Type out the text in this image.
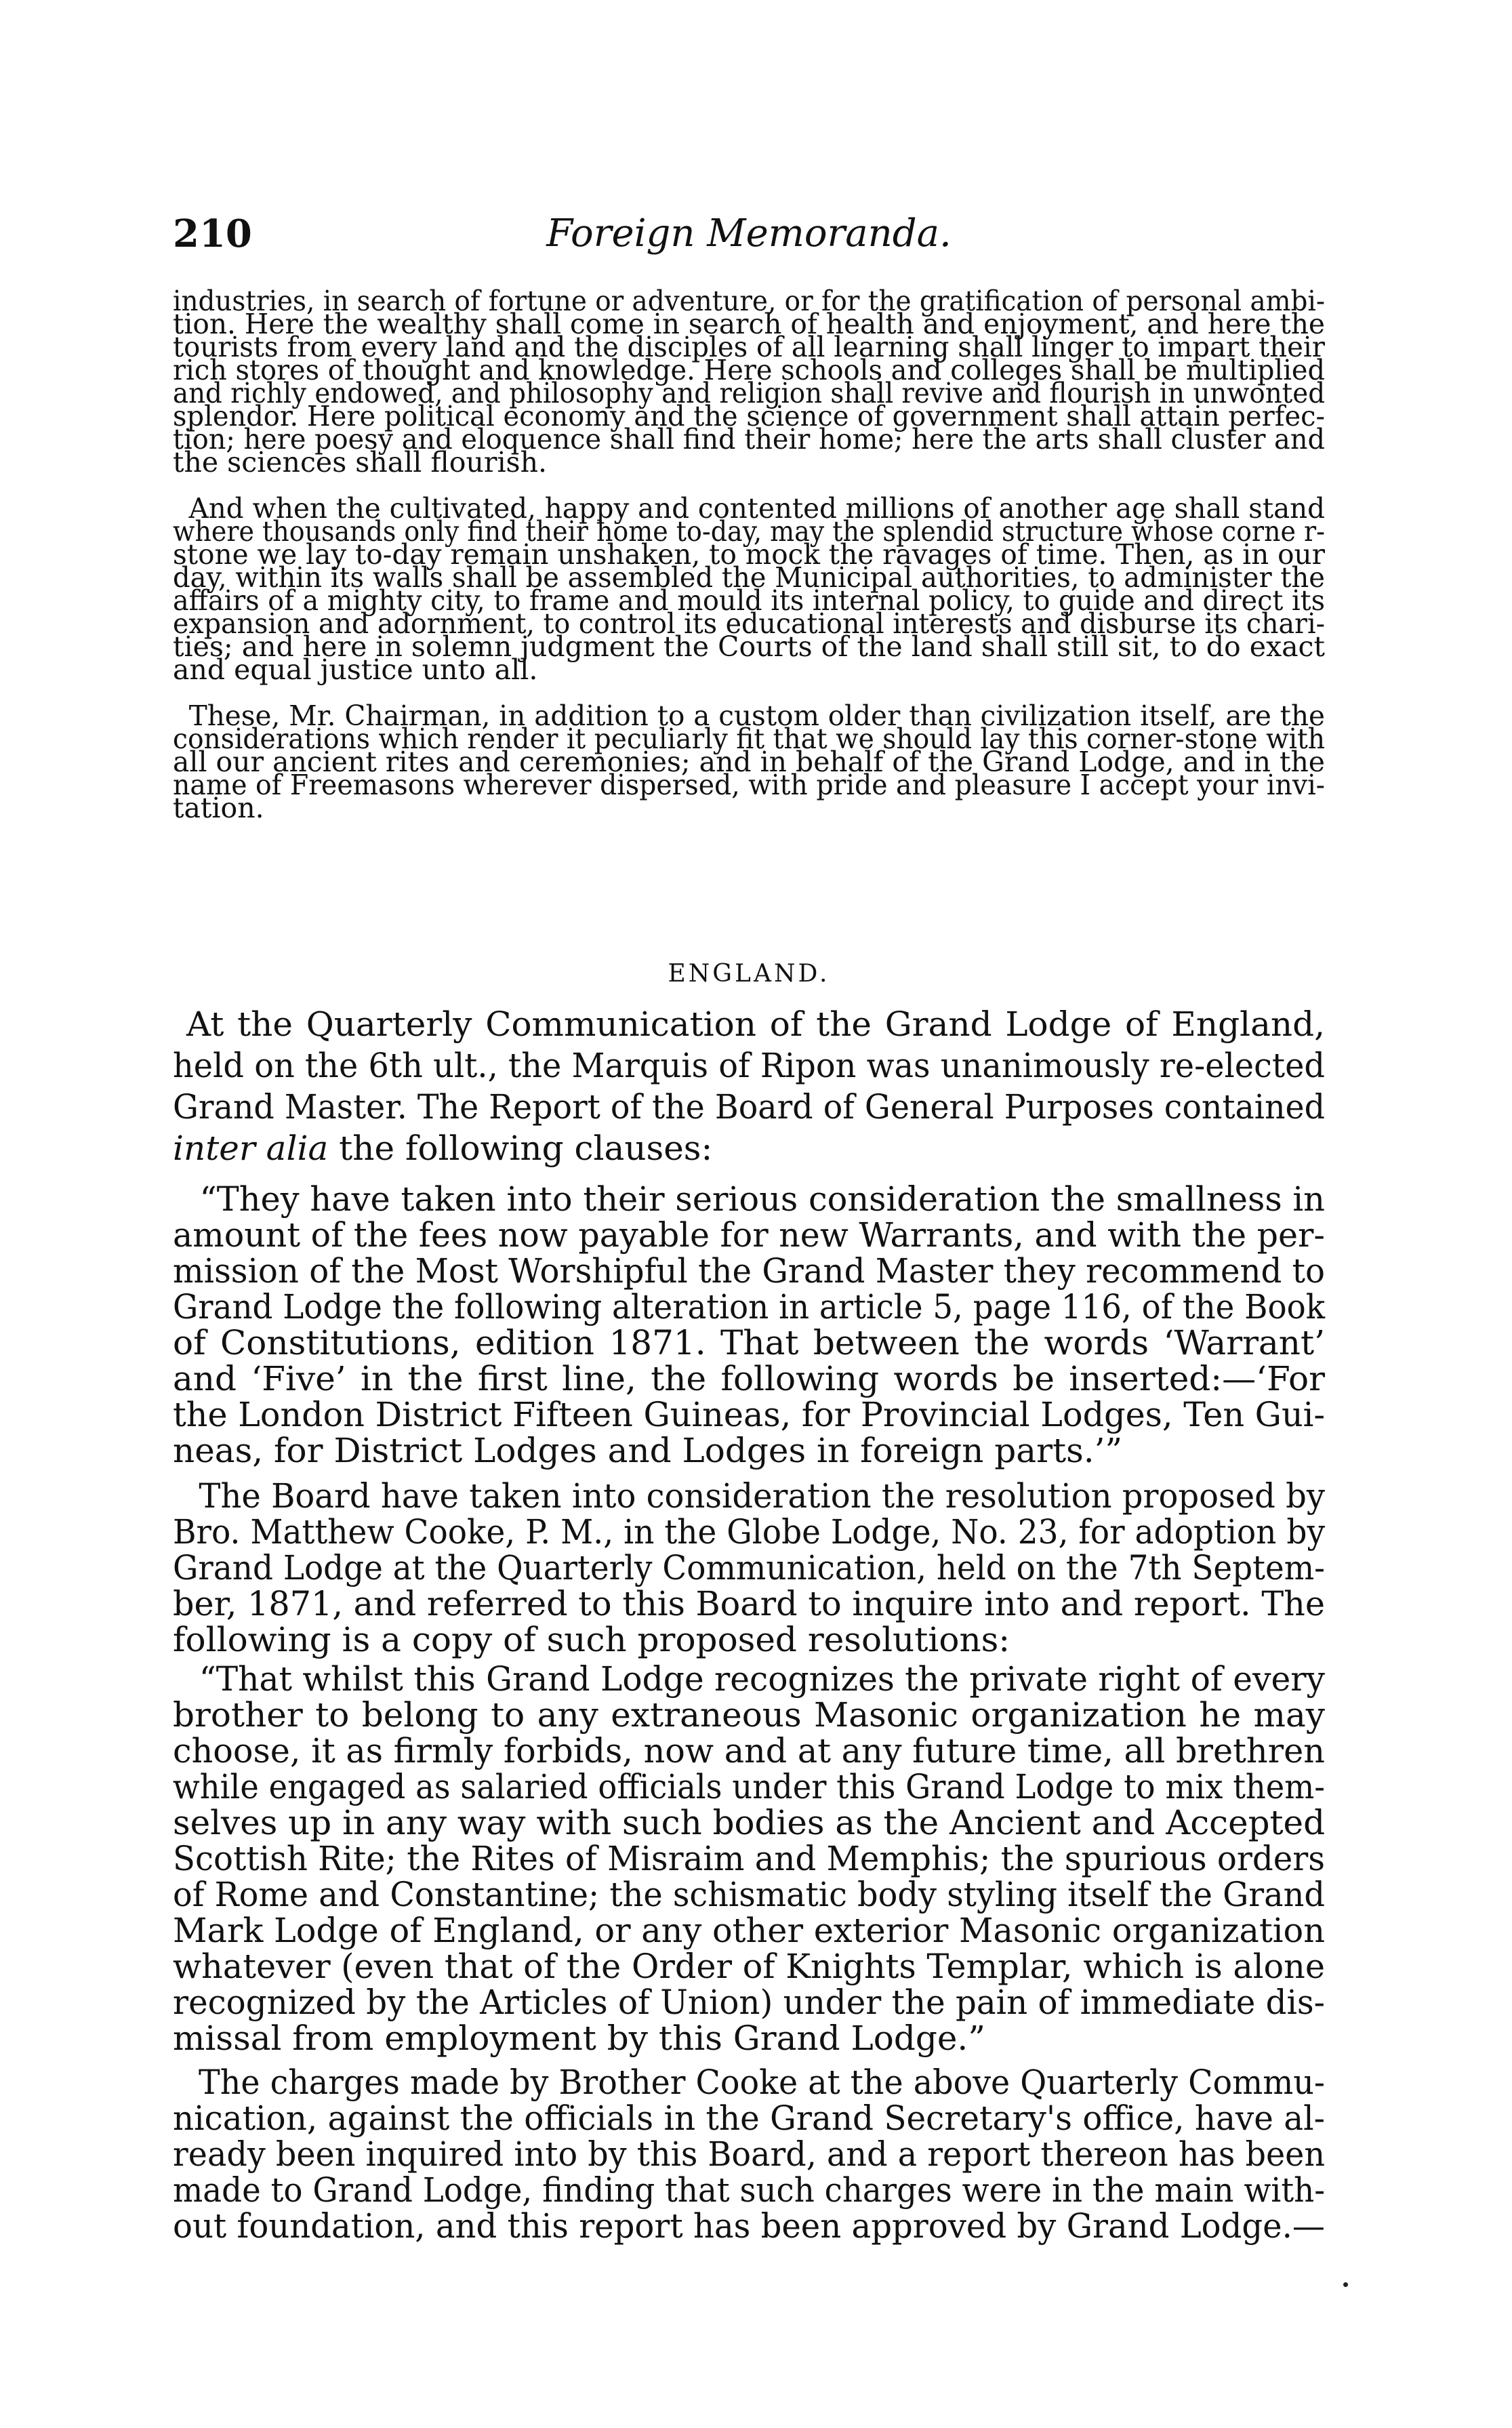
210	Foreign Memoranda.
ENGLAND.
industries, in search of fortune or adventure, or for the gratification of personal ambi-
tion. Here the wealthy shall come in search of health and enjoyment, and here the
tourists from every land and the disciples of all learning shall linger to impart their
rich stores of thought and knowledge. Here schools and colleges shall be multiplied
and richly endowed, and philosophy and religion shall revive and flourish in unwonted
splendor. Here political economy and the science of government shall attain perfec-
tion; here poesy and eloquence shall find their home; here the arts shall cluster and
the sciences shall flourish.
And when the cultivated, happy and contented millions of another age shall stand
where thousands only find their home to-day, may the splendid structure whose corne r-
stone we lay to-day remain unshaken, to mock the ravages of time. Then, as in our
day, within its walls shall be assembled the Municipal authorities, to administer the
affairs of a mighty city, to frame and mould its internal policy, to guide and direct its
expansion and adornment, to control its educational interests and disburse its chari-
ties; and here in solemn judgment the Courts of the land shall still sit, to do exact
and equal justice unto all.
These, Mr. Chairman, in addition to a custom older than civilization itself, are the
considerations which render it peculiarly fit that we should lay this corner-stone with
all our ancient rites and ceremonies; and in behalf of the Grand Lodge, and in the
name of Freemasons wherever dispersed, with pride and pleasure I accept your invi-
tation.
At the Quarterly Communication of the Grand Lodge of England,
held on the 6th ult., the Marquis of Ripon was unanimously re-elected
Grand Master. The Report of the Board of General Purposes contained
inter alia the following clauses:
“They have taken into their serious consideration the smallness in
amount of the fees now payable for new Warrants, and with the per-
mission of the Most Worshipful the Grand Master they recommend to
Grand Lodge the following alteration in article 5, page 116, of the Book
of Constitutions, edition 1871. That between the words ‘Warrant’
and ‘Five’ in the first line, the following words be inserted:—‘For
the London District Fifteen Guineas, for Provincial Lodges, Ten Gui-
neas, for District Lodges and Lodges in foreign parts.’”
The Board have taken into consideration the resolution proposed by
Bro. Matthew Cooke, P. M., in the Globe Lodge, No. 23, for adoption by
Grand Lodge at the Quarterly Communication, held on the 7th Septem-
ber, 1871, and referred to this Board to inquire into and report. The
following is a copy of such proposed resolutions:
“That whilst this Grand Lodge recognizes the private right of every
brother to belong to any extraneous Masonic organization he may
choose, it as firmly forbids, now and at any future time, all brethren
while engaged as salaried officials under this Grand Lodge to mix them-
selves up in any way with such bodies as the Ancient and Accepted
Scottish Rite; the Rites of Misraim and Memphis; the spurious orders
of Rome and Constantine; the schismatic body styling itself the Grand
Mark Lodge of England, or any other exterior Masonic organization
whatever (even that of the Order of Knights Templar, which is alone
recognized by the Articles of Union) under the pain of immediate dis-
missal from employment by this Grand Lodge.”
The charges made by Brother Cooke at the above Quarterly Commu-
nication, against the officials in the Grand Secretary's office, have al-
ready been inquired into by this Board, and a report thereon has been
made to Grand Lodge, finding that such charges were in the main with-
out foundation, and this report has been approved by Grand Lodge.—
